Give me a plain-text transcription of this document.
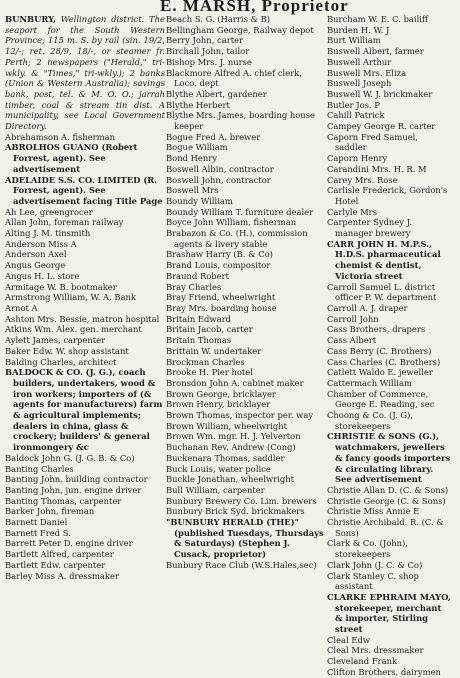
E. MARSH, Proprietor
BUNBURY, Wellington district. The seaport for the South Western Province; 115 m. S. by rail (sin. 19/2, 12/-; ret. 28/9, 18/-, or steamer fr. Perth; 2 newspapers ("Herald," tri-wkly. & "Times," tri-wkly.); 2 banks (Union & Western Australia); savings bank, post, tel. & M. O. O.; jarrah timber, coal & stream tin dist. A municipality, see Local Government Directory.
Abrahamson A. fisherman
ABROLHOS GUANO (Robert Forrest, agent). See advertisement
ADELAIDE S.S. CO. LIMITED (R. Forrest, agent). See advertisement facing Title Page
Ah Lee, greengrocer
Allan John, foreman railway
Alting J. M. tinsmith
Anderson Miss A
Anderson Axel
Angus George
Angus H. L. store
Armitage W. B. bootmaker
Armstrong William, W. A. Bank
Arnot A
Ashton Mrs. Bessie, matron hospital
Atkins Wm. Alex. gen. merchant
Aylett James, carpenter
Baker Edw. W. shop assistant
Balding Charles, architect
BALDOCK & CO. (J. G.), coach builders, undertakers, wood & iron workers; importers of (& agents for manufacturers) farm & agricultural implements; dealers in china, glass & crockery; builders' & general ironmongery &c
Baldock John G. (J. G. B. & Co)
Banting Charles
Banting John, building contractor
Banting John, jun. engine driver
Banting Thomas, carpenter
Barker John, fireman
Barnett Daniel
Barnett Fred S.
Barrett Peter D. engine driver
Bartlett Alfred, carpenter
Bartlett Edw. carpenter
Barley Miss A. dressmaker
Beach S. G. (Harris & B)
Bellingham George, Railway depot
Berry John, carter
Birchall John, tailor
Bishop Mrs. J. nurse
Blackmore Alfred A. chief clerk, Loco. dept
Blythe Albert, gardener
Blythe Herbert
Blythe Mrs. James, boarding house keeper
Bogue Fred A. brewer
Bogue William
Bond Henry
Boswell Albin, contractor
Boswell John, contractor
Boswell Mrs
Boundy William
Boundy William T. furniture dealer
Boyce John William, fisherman
Brabazon & Co. (H.), commission agents & livery stable
Brashaw Harry (B. & Co)
Brand Louis, compositor
Braund Robert
Bray Charles
Bray Friend, wheelwright
Bray Mrs. boarding house
Britain Edward
Britain Jacob, carter
Britain Thomas
Brittain W. undertaker
Brockman Charles
Brooke H. Pier hotel
Bronsdon John A. cabinet maker
Brown George, bricklayer
Brown Henry, bricklayer
Brown Thomas, inspector per. way
Brown William, wheelwright
Brown Wm. mgr. H. J. Yelverton
Buchanan Rev. Andrew (Cong)
Buckenara Thomas, saddler
Buck Louis, water police
Buckle Jonathan, wheelwright
Bull William, carpenter
Bunbury Brewery Co. Lim. brewers
Bunbury Brick Syd. brickmakers
"BUNBURY HERALD (THE)" (published Tuesdays, Thursdays & Saturdays) (Stephen J. Cusack, proprietor)
Bunbury Race Club (W.S.Hales,sec)
Burcham W. E. C. bailiff
Burden H. W. J
Burt William
Buswell Albert, farmer
Buswell Arthur
Buswell Mrs. Eliza
Buswell Joseph
Buswell W. J. brickmaker
Butler Jos. P
Cahill Patrick
Campey George R. carter
Caporn Fred Samuel, saddler
Caporn Henry
Carandini Mrs. H. R. M
Carey Mrs. Rose
Carlisle Frederick, Gordon's Hotel
Carlyle Mrs
Carpenter Sydney J. manager brewery
CARR JOHN H. M.P.S., H.D.S. pharmaceutical chemist & dentist, Victoria street
Carroll Samuel L. district officer P. W. department
Carroll A. J. draper
Carroll John
Cass Brothers, drapers
Cass Albert
Cass Berry (C. Brothers)
Cass Charles (C. Brothers)
Catlett Waldo E. jeweller
Cattermach William
Chamber of Commerce, George E. Reading, sec
Choong & Co. (J. G), storekeepers
CHRISTIE & SONS (G.), watchmakers, jewellers & fancy goods importers & circulating library. See advertisement
Christie Allan D. (C. & Sons)
Christie George (C. & Sons)
Christie Miss Annie E
Christie Archibald. R. (C. & Sons)
Clark & Co. (John), storekeepers
Clark John (J. C. & Co)
Clark Stanley C. shop assistant
CLARKE EPHRAIM MAYO, storekeeper, merchant & importer, Stirling street
Cleal Edw
Cleal Mrs. dressmaker
Cleveland Frank
Clifton Brothers, dairymen
